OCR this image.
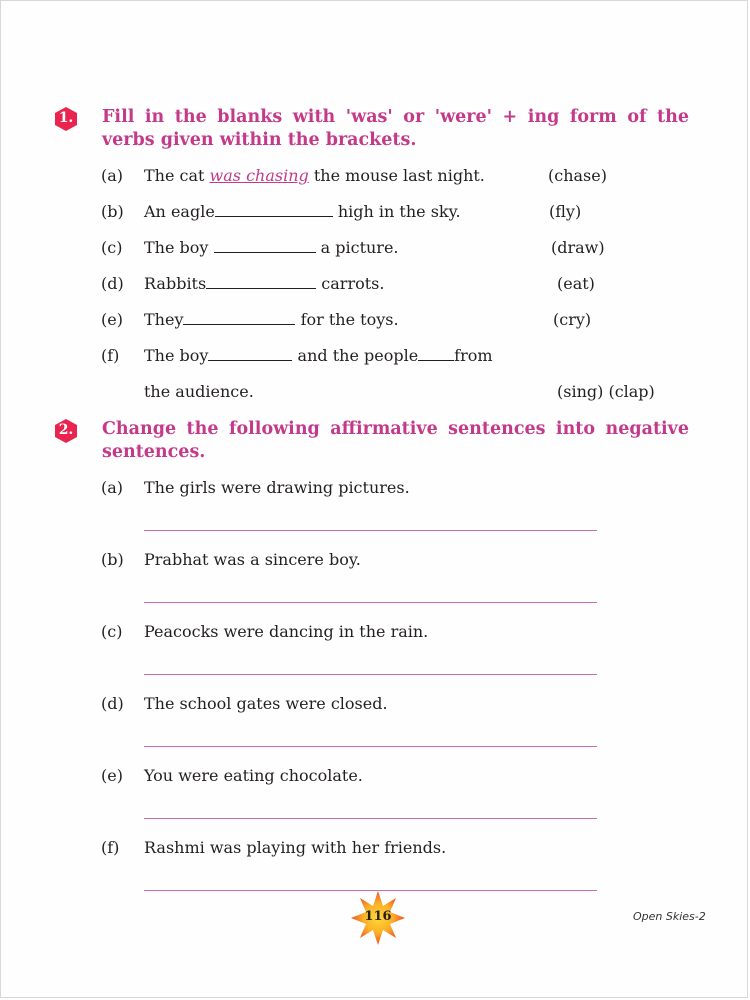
1.	Fill in the blanks with 'was' or 'were' + ing form of the verbs given within the brackets.
(a) The cat was chasing the mouse last night.	(chase)
(b) An eagle	high in the sky.	(fly)
(c) The boy	a picture.	(draw)
(d) Rabbits	carrots.	(eat)
(e) They	for the toys.	(cry)
(f) The boy	and the people from
the audience.	(sing) (clap)
2.	Change the following affirmative sentences into negative sentences.
(a) The girls were drawing pictures.
(b) Prabhat was a sincere boy.
(c) Peacocks were dancing in the rain.
(d) The school gates were closed.
(e) You were eating chocolate.
(f) Rashmi was playing with her friends.
116	Open Skies-2
